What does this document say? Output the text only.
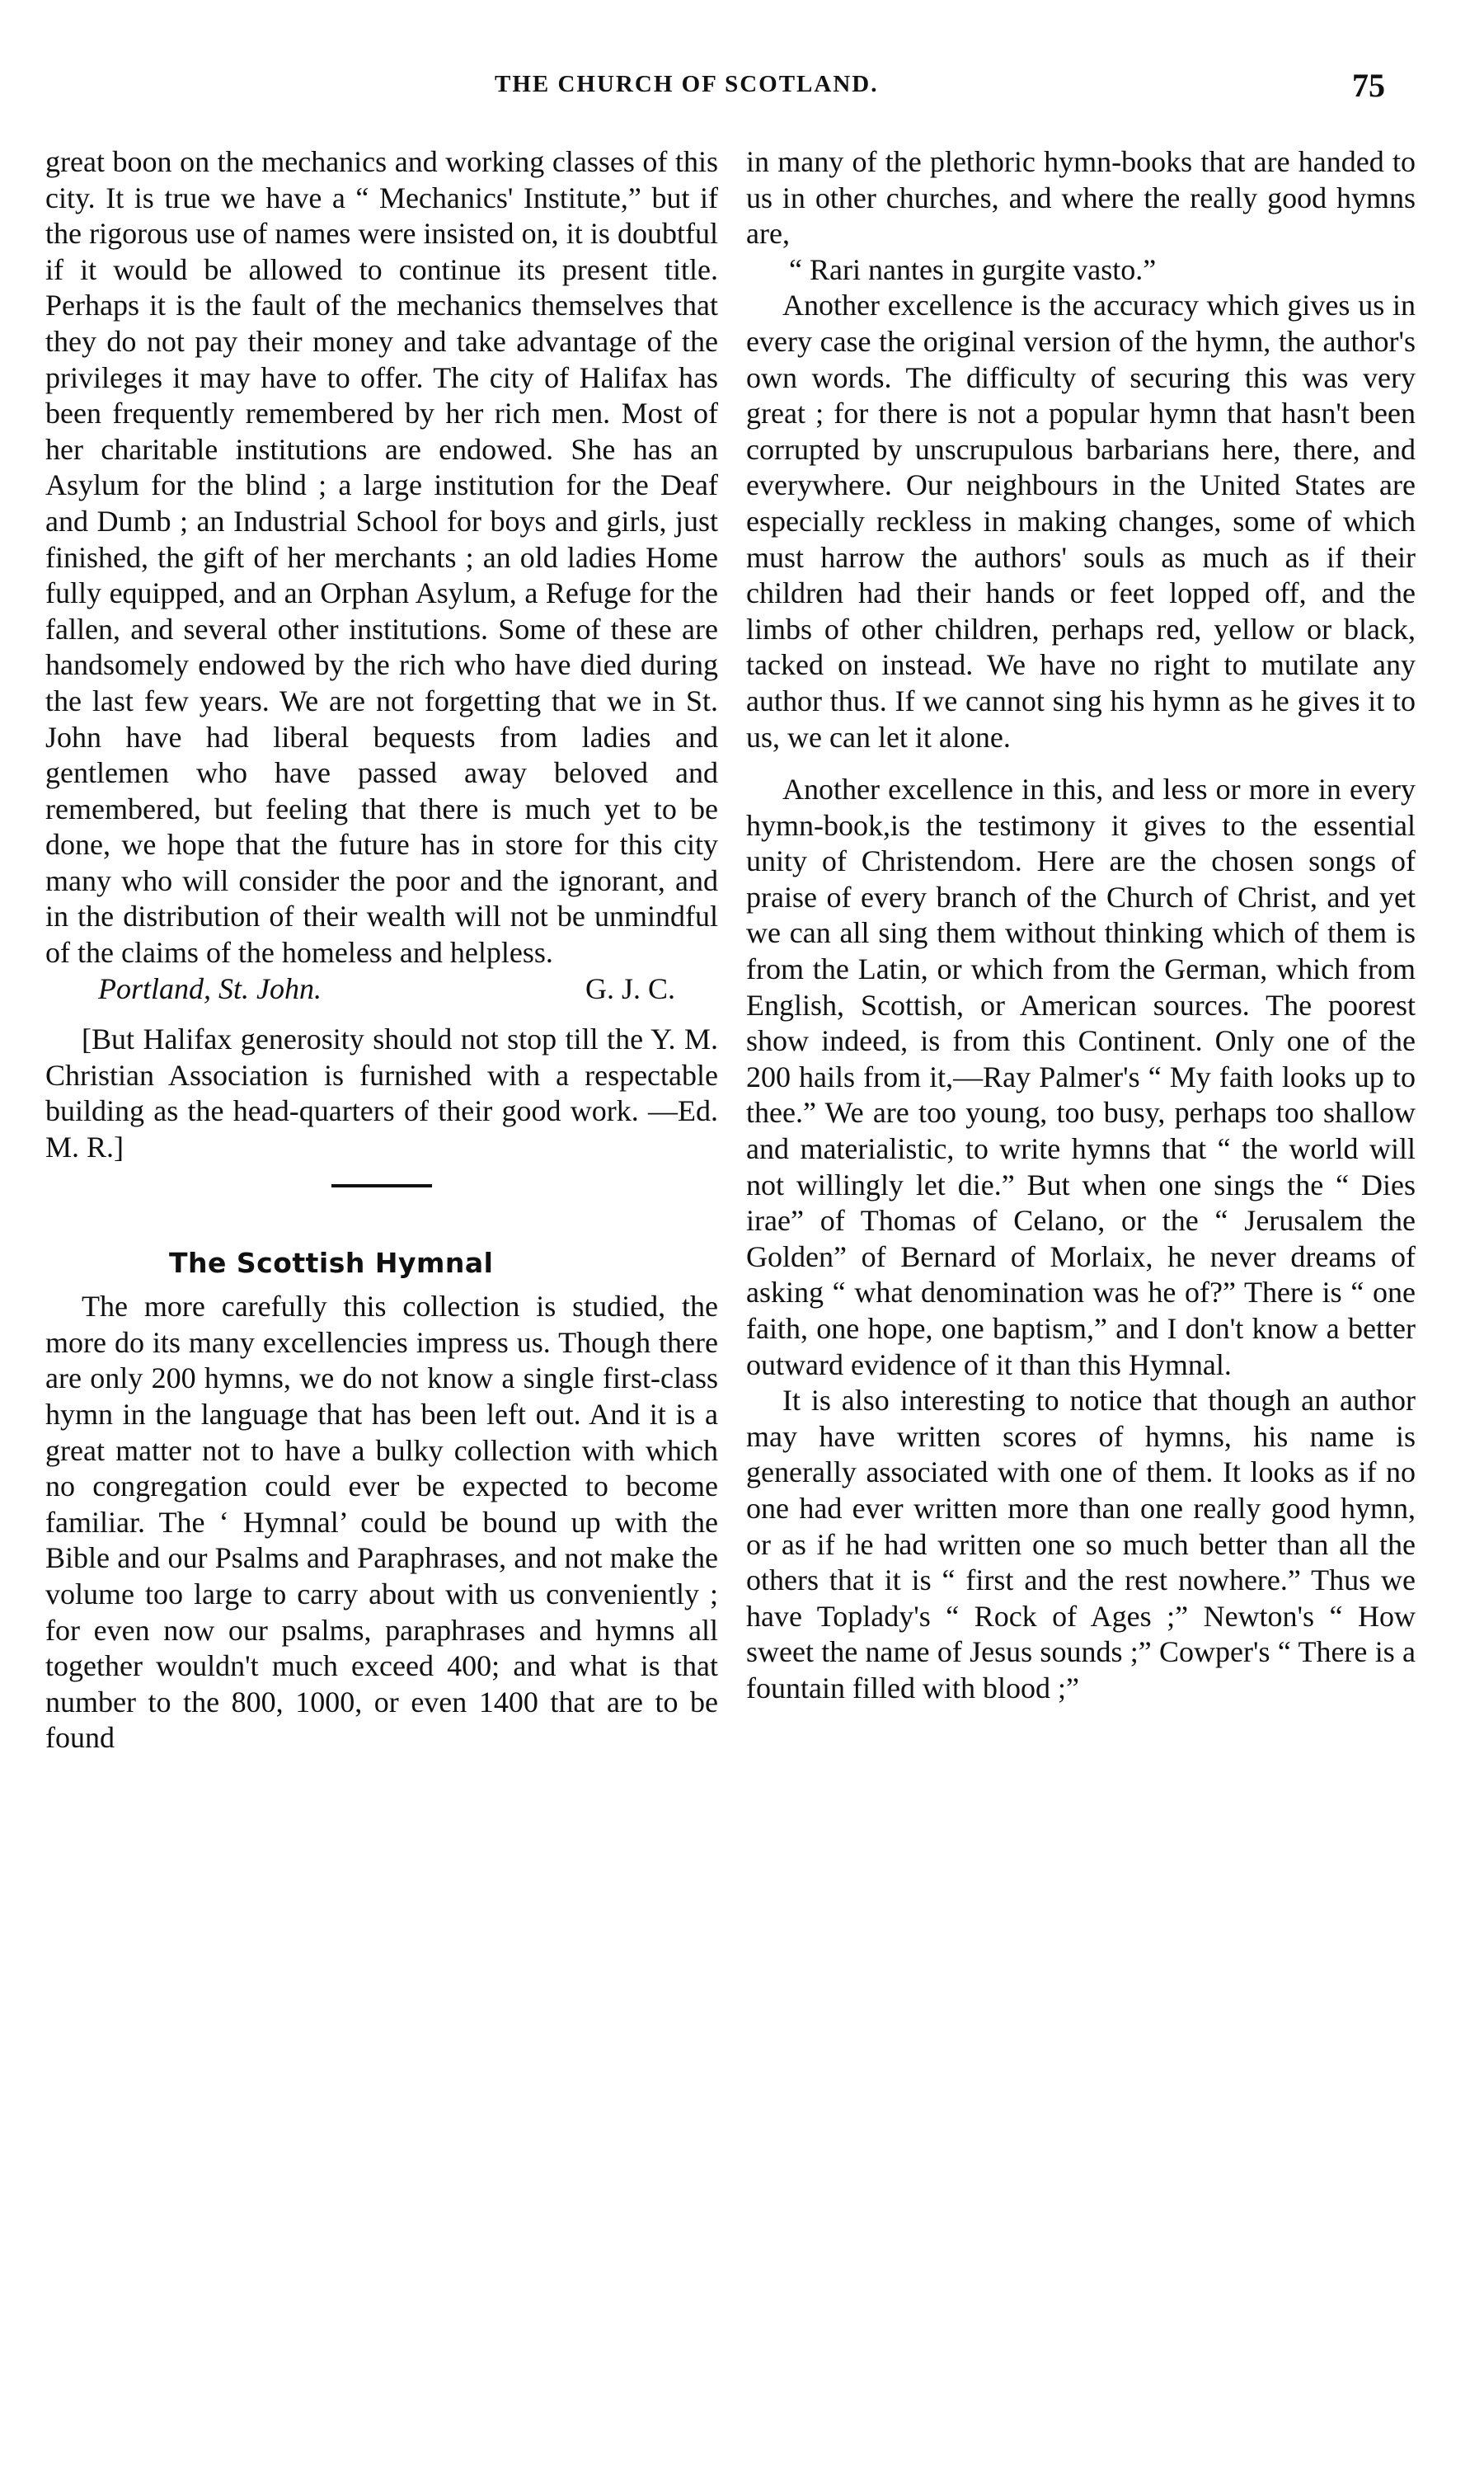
THE CHURCH OF SCOTLAND.	75

great boon on the mechanics and working classes of this city. It is true we have a “ Mechanics' Institute,” but if the rigorous use of names were insisted on, it is doubtful if it would be allowed to continue its present title. Perhaps it is the fault of the mechanics themselves that they do not pay their money and take advantage of the privileges it may have to offer. The city of Halifax has been frequently remembered by her rich men. Most of her charitable institutions are endowed. She has an Asylum for the blind ; a large institution for the Deaf and Dumb ; an Industrial School for boys and girls, just finished, the gift of her merchants ; an old ladies Home fully equipped, and an Orphan Asylum, a Refuge for the fallen, and several other institutions. Some of these are handsomely endowed by the rich who have died during the last few years. We are not forgetting that we in St. John have had liberal bequests from ladies and gentlemen who have passed away beloved and remembered, but feeling that there is much yet to be done, we hope that the future has in store for this city many who will consider the poor and the ignorant, and in the distribution of their wealth will not be unmindful of the claims of the homeless and helpless.

Portland, St. John.	G. J. C.

[But Halifax generosity should not stop till the Y. M. Christian Association is furnished with a respectable building as the head-quarters of their good work. —Ed. M. R.]

The Scottish Hymnal

The more carefully this collection is studied, the more do its many excellencies impress us. Though there are only 200 hymns, we do not know a single first-class hymn in the language that has been left out. And it is a great matter not to have a bulky collection with which no congregation could ever be expected to become familiar. The ‘ Hymnal’ could be bound up with the Bible and our Psalms and Paraphrases, and not make the volume too large to carry about with us conveniently ; for even now our psalms, paraphrases and hymns all together wouldn't much exceed 400; and what is that number to the 800, 1000, or even 1400 that are to be found

in many of the plethoric hymn-books that are handed to us in other churches, and where the really good hymns are,

“ Rari nantes in gurgite vasto.”

Another excellence is the accuracy which gives us in every case the original version of the hymn, the author's own words. The difficulty of securing this was very great ; for there is not a popular hymn that hasn't been corrupted by unscrupulous barbarians here, there, and everywhere. Our neighbours in the United States are especially reckless in making changes, some of which must harrow the authors' souls as much as if their children had their hands or feet lopped off, and the limbs of other children, perhaps red, yellow or black, tacked on instead. We have no right to mutilate any author thus. If we cannot sing his hymn as he gives it to us, we can let it alone.

Another excellence in this, and less or more in every hymn-book,is the testimony it gives to the essential unity of Christendom. Here are the chosen songs of praise of every branch of the Church of Christ, and yet we can all sing them without thinking which of them is from the Latin, or which from the German, which from English, Scottish, or American sources. The poorest show indeed, is from this Continent. Only one of the 200 hails from it,—Ray Palmer's “ My faith looks up to thee.” We are too young, too busy, perhaps too shallow and materialistic, to write hymns that “ the world will not willingly let die.” But when one sings the “ Dies irae” of Thomas of Celano, or the “ Jerusalem the Golden” of Bernard of Morlaix, he never dreams of asking “ what denomination was he of?” There is “ one faith, one hope, one baptism,” and I don't know a better outward evidence of it than this Hymnal.

It is also interesting to notice that though an author may have written scores of hymns, his name is generally associated with one of them. It looks as if no one had ever written more than one really good hymn, or as if he had written one so much better than all the others that it is “ first and the rest nowhere.” Thus we have Toplady's “ Rock of Ages ;” Newton's “ How sweet the name of Jesus sounds ;” Cowper's “ There is a fountain filled with blood ;”
